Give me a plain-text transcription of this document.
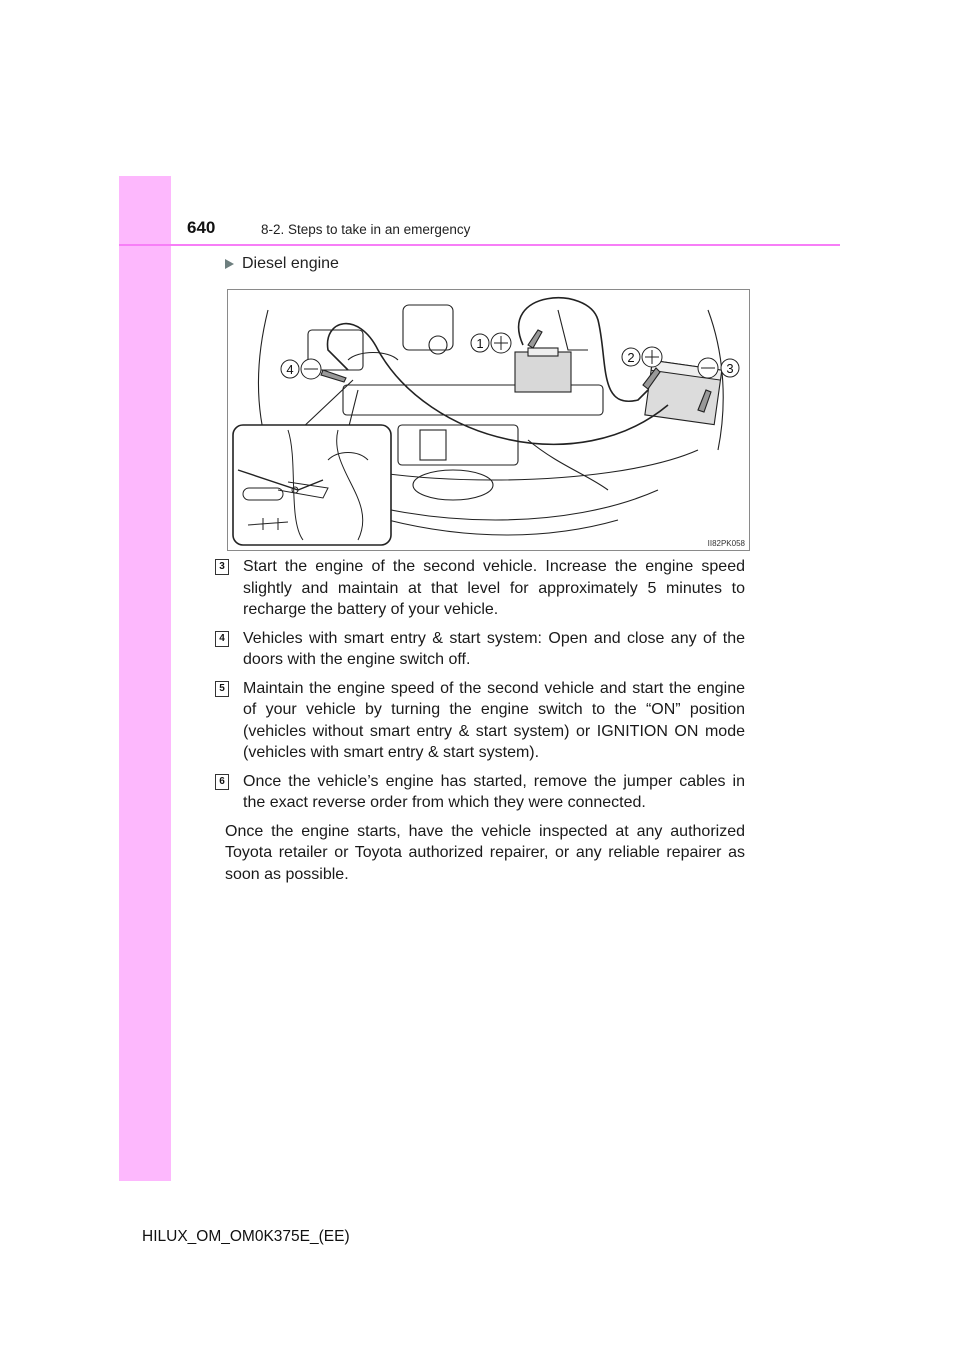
640	8-2. Steps to take in an emergency
Diesel engine
1
2
3
4
II82PK058
3 Start the engine of the second vehicle. Increase the engine speed slightly and maintain at that level for approximately 5 minutes to recharge the battery of your vehicle.
4 Vehicles with smart entry & start system: Open and close any of the doors with the engine switch off.
5 Maintain the engine speed of the second vehicle and start the engine of your vehicle by turning the engine switch to the “ON” position (vehicles without smart entry & start system) or IGNITION ON mode (vehicles with smart entry & start system).
6 Once the vehicle’s engine has started, remove the jumper cables in the exact reverse order from which they were connected.
Once the engine starts, have the vehicle inspected at any authorized Toyota retailer or Toyota authorized repairer, or any reliable repairer as soon as possible.
HILUX_OM_OM0K375E_(EE)
